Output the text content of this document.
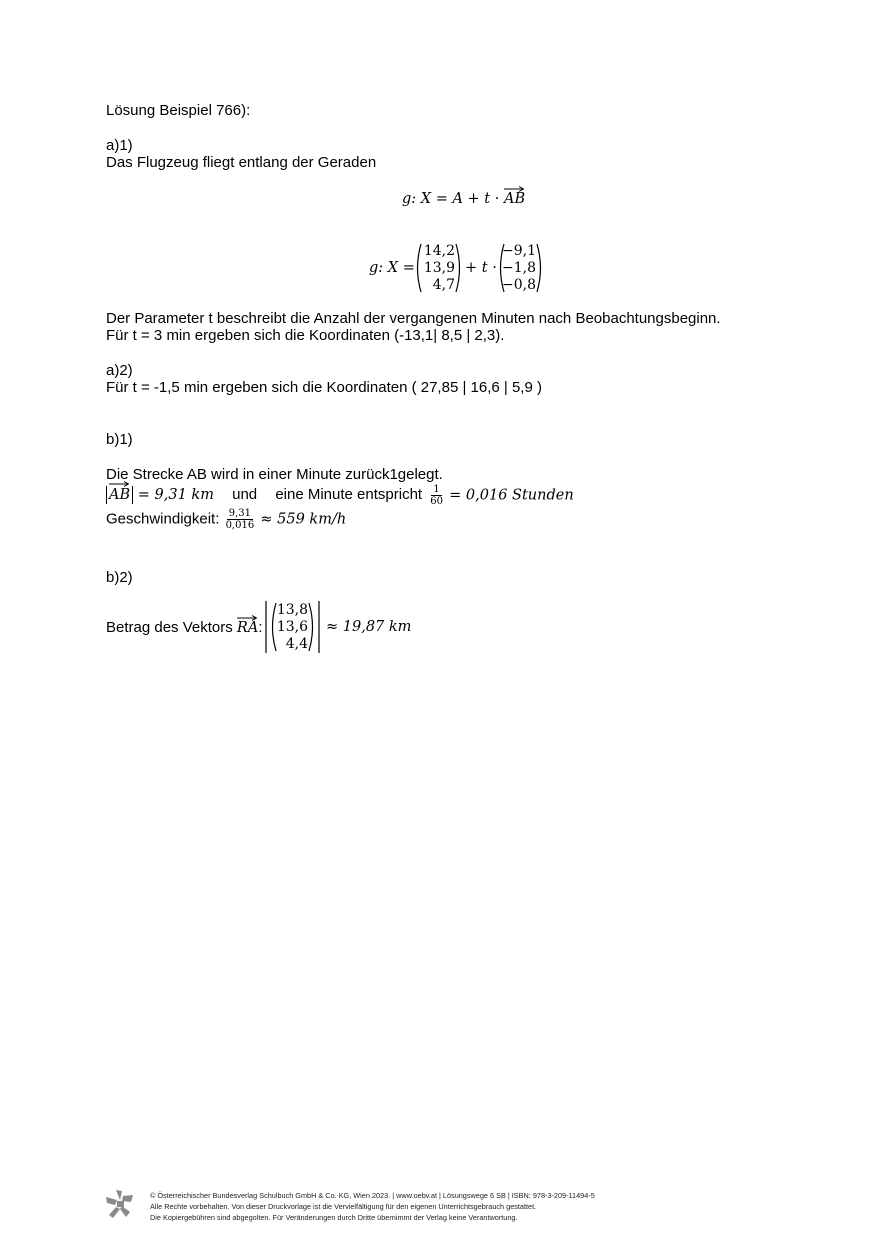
Lösung Beispiel 766):
a)1)
Das Flugzeug fliegt entlang der Geraden
g: X = A + t · AB
g: X =
14,2
13,9
4,7
+ t ·
−9,1
−1,8
−0,8
Der Parameter t beschreibt die Anzahl der vergangenen Minuten nach Beobachtungsbeginn.
Für t = 3 min ergeben sich die Koordinaten (-13,1| 8,5 | 2,3).
a)2)
Für t = -1,5 min ergeben sich die Koordinaten ( 27,85 | 16,6 | 5,9 )
b)1)
Die Strecke AB wird in einer Minute zurück1gelegt.
AB = 9,31 km und eine Minute entspricht $\frac{1}{60} = 0,016$ Stunden
Geschwindigkeit: $\frac{9,31}{0,016} \approx 559$ km/h
b)2)
Betrag des Vektors RA:
13,8
13,6
4,4
≈ 19,87 km
© Österreichischer Bundesverlag Schulbuch GmbH & Co. KG, Wien 2023. | www.oebv.at | Lösungswege 6 SB | ISBN: 978-3-209-11494-5
Alle Rechte vorbehalten. Von dieser Druckvorlage ist die Vervielfältigung für den eigenen Unterrichtsgebrauch gestattet.
Die Kopiergebühren sind abgegolten. Für Veränderungen durch Dritte übernimmt der Verlag keine Verantwortung.
